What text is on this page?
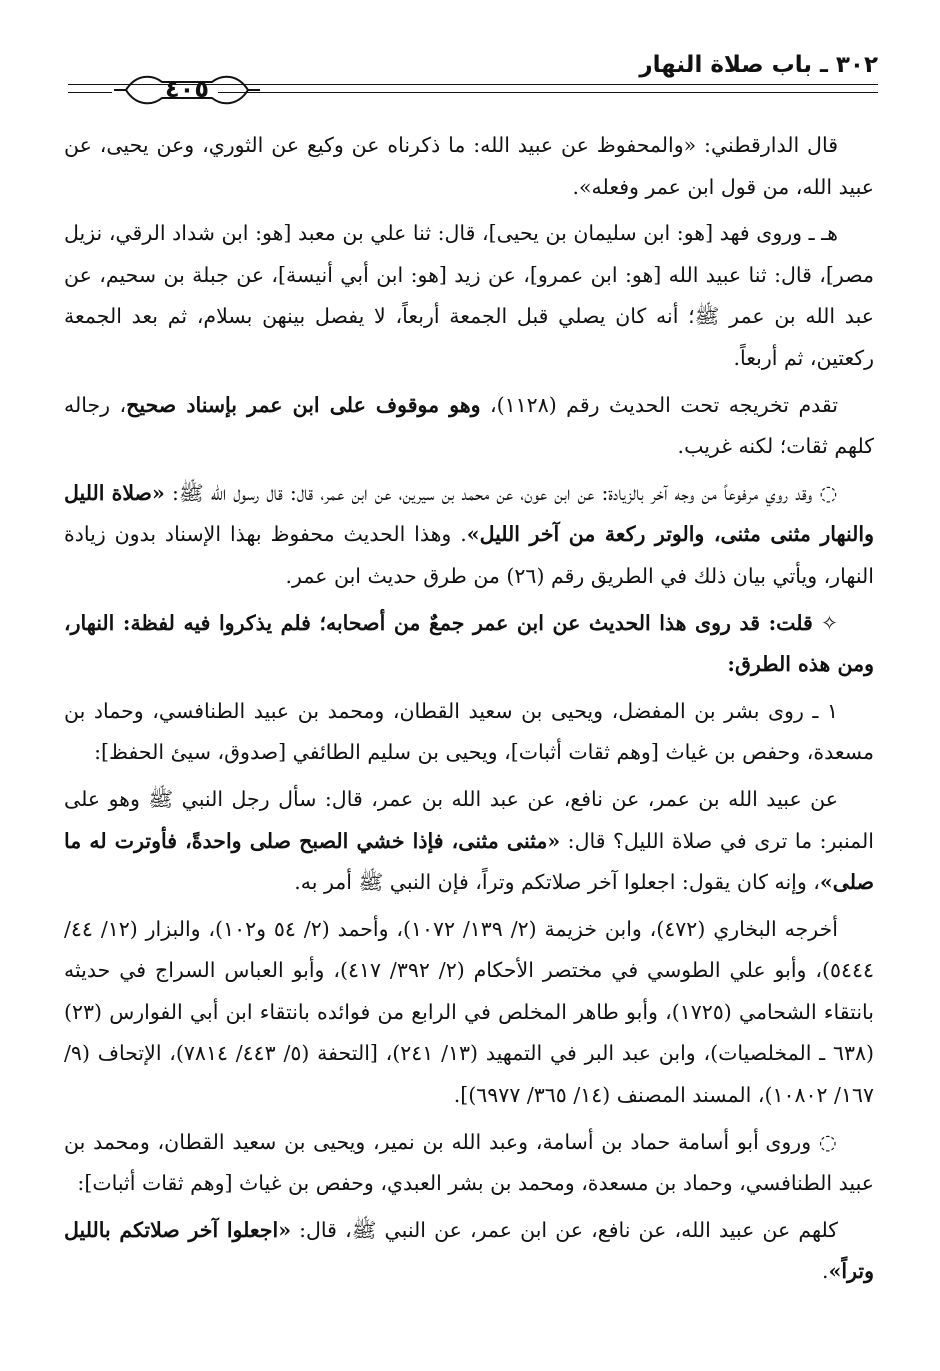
٣٠٢ ـ باب صلاة النهار
٤٠٥

قال الدارقطني: «والمحفوظ عن عبيد الله: ما ذكرناه عن وكيع عن الثوري، وعن يحيى، عن عبيد الله، من قول ابن عمر وفعله».

هـ ـ وروى فهد [هو: ابن سليمان بن يحيى]، قال: ثنا علي بن معبد [هو: ابن شداد الرقي، نزيل مصر]، قال: ثنا عبيد الله [هو: ابن عمرو]، عن زيد [هو: ابن أبي أنيسة]، عن جبلة بن سحيم، عن عبد الله بن عمر ﷺ؛ أنه كان يصلي قبل الجمعة أربعاً، لا يفصل بينهن بسلام، ثم بعد الجمعة ركعتين، ثم أربعاً.

تقدم تخريجه تحت الحديث رقم (١١٢٨)، وهو موقوف على ابن عمر بإسناد صحيح، رجاله كلهم ثقات؛ لكنه غريب.

◌ وقد روي مرفوعاً من وجه آخر بالزيادة: عن ابن عون، عن محمد بن سيرين، عن ابن عمر، قال: قال رسول الله ﷺ: «صلاة الليل والنهار مثنى مثنى، والوتر ركعة من آخر الليل». وهذا الحديث محفوظ بهذا الإسناد بدون زيادة النهار، ويأتي بيان ذلك في الطريق رقم (٢٦) من طرق حديث ابن عمر.

✧ قلت: قد روى هذا الحديث عن ابن عمر جمعٌ من أصحابه؛ فلم يذكروا فيه لفظة: النهار، ومن هذه الطرق:

١ ـ روى بشر بن المفضل، ويحيى بن سعيد القطان، ومحمد بن عبيد الطنافسي، وحماد بن مسعدة، وحفص بن غياث [وهم ثقات أثبات]، ويحيى بن سليم الطائفي [صدوق، سيئ الحفظ]:

عن عبيد الله بن عمر، عن نافع، عن عبد الله بن عمر، قال: سأل رجل النبي ﷺ وهو على المنبر: ما ترى في صلاة الليل؟ قال: «مثنى مثنى، فإذا خشي الصبح صلى واحدةً، فأوترت له ما صلى»، وإنه كان يقول: اجعلوا آخر صلاتكم وتراً، فإن النبي ﷺ أمر به.

أخرجه البخاري (٤٧٢)، وابن خزيمة (٢/ ١٣٩/ ١٠٧٢)، وأحمد (٢/ ٥٤ و١٠٢)، والبزار (١٢/ ٤٤/ ٥٤٤٤)، وأبو علي الطوسي في مختصر الأحكام (٢/ ٣٩٢/ ٤١٧)، وأبو العباس السراج في حديثه بانتقاء الشحامي (١٧٢٥)، وأبو طاهر المخلص في الرابع من فوائده بانتقاء ابن أبي الفوارس (٢٣) (٦٣٨ ـ المخلصيات)، وابن عبد البر في التمهيد (١٣/ ٢٤١)، [التحفة (٥/ ٤٤٣/ ٧٨١٤)، الإتحاف (٩/ ١٦٧/ ١٠٨٠٢)، المسند المصنف (١٤/ ٣٦٥/ ٦٩٧٧)].

◌ وروى أبو أسامة حماد بن أسامة، وعبد الله بن نمير، ويحيى بن سعيد القطان، ومحمد بن عبيد الطنافسي، وحماد بن مسعدة، ومحمد بن بشر العبدي، وحفص بن غياث [وهم ثقات أثبات]:

كلهم عن عبيد الله، عن نافع، عن ابن عمر، عن النبي ﷺ، قال: «اجعلوا آخر صلاتكم بالليل وتراً».
